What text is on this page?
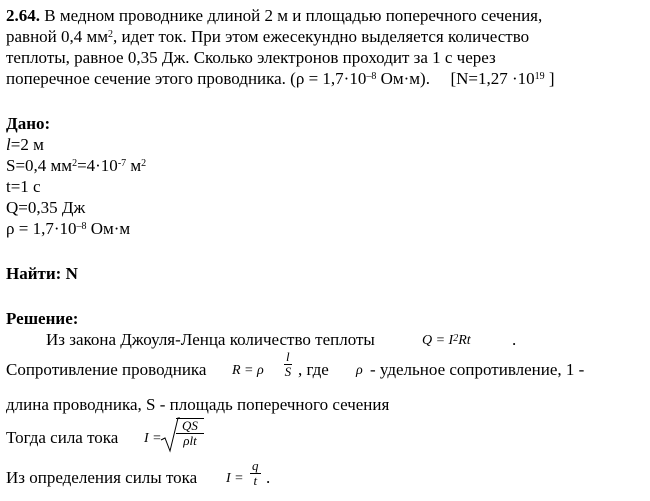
2.64. В медном проводнике длиной 2 м и площадью поперечного сечения,
равной 0,4 $мм^2$, идет ток. При этом ежесекундно выделяется количество
теплоты, равное 0,35 Дж. Сколько электронов проходит за 1 с через
поперечное сечение этого проводника. ($\rho = 1,7\cdot 10^{-8}$ Ом·м). [$N=1,27 \cdot 10^{19}$ ]
Дано:
l=2 м
S=0,4 $мм^2=4\cdot 10^{-7}$ $м^2$
t=1 с
Q=0,35 Дж
$\rho = 1,7\cdot 10^{-8}$ Ом·м
Найти: N
Решение:
Из закона Джоуля-Ленца количество теплоты	$Q = I^2Rt$ .
Сопротивление проводника R = ρ $\frac{l}{S}$ , где ρ - удельное сопротивление, 1 -
длина проводника, S - площадь поперечного сечения
Тогда сила тока I =
QS
ρlt
Из определения силы тока $I = \frac{q}{t}$ .
